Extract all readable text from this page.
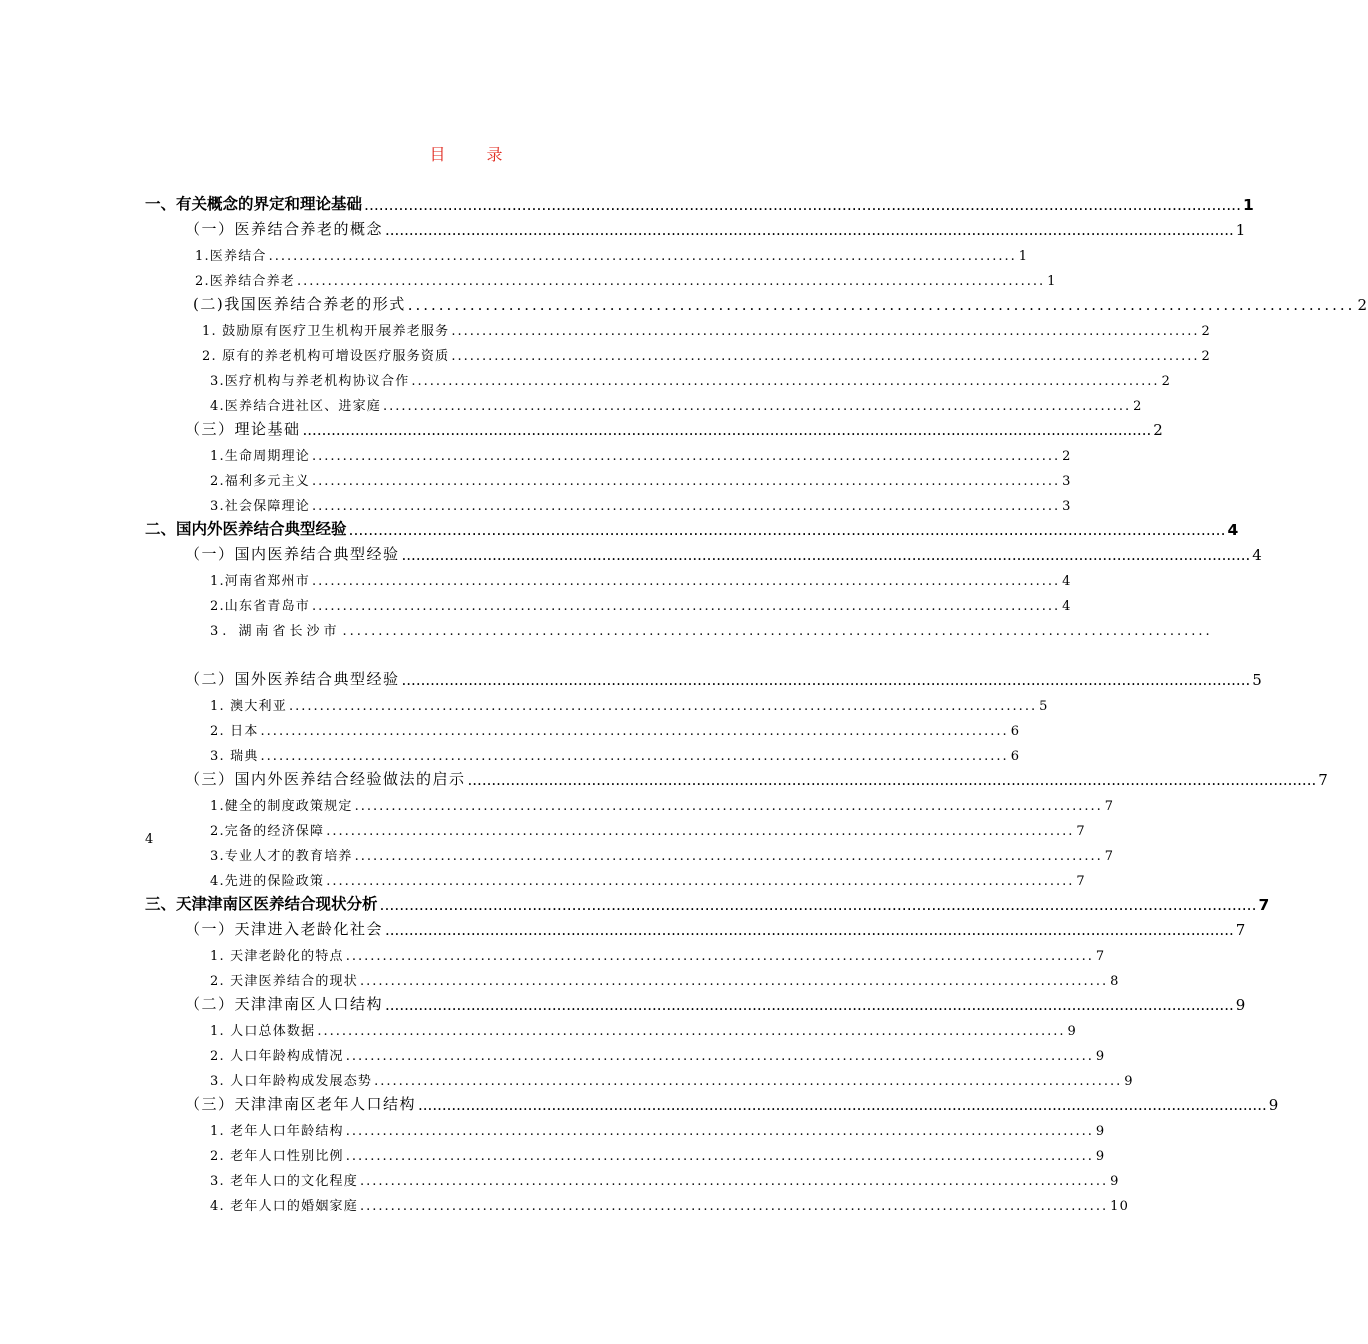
目 录
一、有关概念的界定和理论基础 .................................................................................................................................................................................. 1
（一）医养结合养老的概念 .................................................................................................................................................................................. 1
1.医养结合 .......................................................................................................................... 1
2.医养结合养老 .......................................................................................................................... 1
(二)我国医养结合养老的形式 .......................................................................................................................... 2
1. 鼓励原有医疗卫生机构开展养老服务 .......................................................................................................................... 2
2. 原有的养老机构可增设医疗服务资质 .......................................................................................................................... 2
3.医疗机构与养老机构协议合作 .......................................................................................................................... 2
4.医养结合进社区、进家庭 .......................................................................................................................... 2
（三）理论基础 .................................................................................................................................................................................. 2
1.生命周期理论 .......................................................................................................................... 2
2.福利多元主义 .......................................................................................................................... 3
3.社会保障理论 .......................................................................................................................... 3
二、国内外医养结合典型经验 .................................................................................................................................................................................. 4
（一）国内医养结合典型经验 .................................................................................................................................................................................. 4
1.河南省郑州市 .......................................................................................................................... 4
2.山东省青岛市 .......................................................................................................................... 4
3. 湖南省长沙市 ..........................................................................................................................
4
（二）国外医养结合典型经验 .................................................................................................................................................................................. 5
1. 澳大利亚 .......................................................................................................................... 5
2. 日本 .......................................................................................................................... 6
3. 瑞典 .......................................................................................................................... 6
（三）国内外医养结合经验做法的启示 .................................................................................................................................................................................. 7
1.健全的制度政策规定 .......................................................................................................................... 7
2.完备的经济保障 .......................................................................................................................... 7
3.专业人才的教育培养 .......................................................................................................................... 7
4.先进的保险政策 .......................................................................................................................... 7
三、天津津南区医养结合现状分析 .................................................................................................................................................................................. 7
（一）天津进入老龄化社会 .................................................................................................................................................................................. 7
1. 天津老龄化的特点 .......................................................................................................................... 7
2. 天津医养结合的现状 .......................................................................................................................... 8
（二）天津津南区人口结构 .................................................................................................................................................................................. 9
1. 人口总体数据 .......................................................................................................................... 9
2. 人口年龄构成情况 .......................................................................................................................... 9
3. 人口年龄构成发展态势 .......................................................................................................................... 9
（三）天津津南区老年人口结构 .................................................................................................................................................................................. 9
1. 老年人口年龄结构 .......................................................................................................................... 9
2. 老年人口性别比例 .......................................................................................................................... 9
3. 老年人口的文化程度 .......................................................................................................................... 9
4. 老年人口的婚姻家庭 .......................................................................................................................... 10
